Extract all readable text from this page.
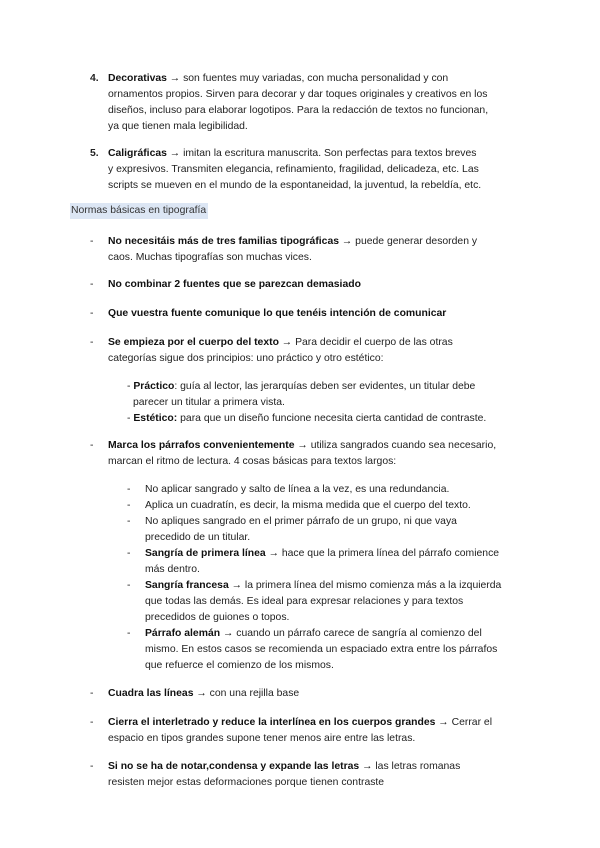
4. Decorativas → son fuentes muy variadas, con mucha personalidad y con
ornamentos propios. Sirven para decorar y dar toques originales y creativos en los
diseños, incluso para elaborar logotipos. Para la redacción de textos no funcionan,
ya que tienen mala legibilidad.
5. Caligráficas → imitan la escritura manuscrita. Son perfectas para textos breves
y expresivos. Transmiten elegancia, refinamiento, fragilidad, delicadeza, etc. Las
scripts se mueven en el mundo de la espontaneidad, la juventud, la rebeldía, etc.
Normas básicas en tipografía
- No necesitáis más de tres familias tipográficas → puede generar desorden y
caos. Muchas tipografías son muchas vices.
- No combinar 2 fuentes que se parezcan demasiado
- Que vuestra fuente comunique lo que tenéis intención de comunicar
- Se empieza por el cuerpo del texto → Para decidir el cuerpo de las otras
categorías sigue dos principios: uno práctico y otro estético:
- Práctico: guía al lector, las jerarquías deben ser evidentes, un titular debe
parecer un titular a primera vista.
- Estético: para que un diseño funcione necesita cierta cantidad de contraste.
- Marca los párrafos convenientemente → utiliza sangrados cuando sea necesario,
marcan el ritmo de lectura. 4 cosas básicas para textos largos:
- No aplicar sangrado y salto de línea a la vez, es una redundancia.
- Aplica un cuadratín, es decir, la misma medida que el cuerpo del texto.
- No apliques sangrado en el primer párrafo de un grupo, ni que vaya
precedido de un titular.
- Sangría de primera línea → hace que la primera línea del párrafo comience
más dentro.
- Sangría francesa → la primera línea del mismo comienza más a la izquierda
que todas las demás. Es ideal para expresar relaciones y para textos
precedidos de guiones o topos.
- Párrafo alemán → cuando un párrafo carece de sangría al comienzo del
mismo. En estos casos se recomienda un espaciado extra entre los párrafos
que refuerce el comienzo de los mismos.
- Cuadra las líneas → con una rejilla base
- Cierra el interletrado y reduce la interlínea en los cuerpos grandes → Cerrar el
espacio en tipos grandes supone tener menos aire entre las letras.
- Si no se ha de notar,condensa y expande las letras → las letras romanas
resisten mejor estas deformaciones porque tienen contraste
